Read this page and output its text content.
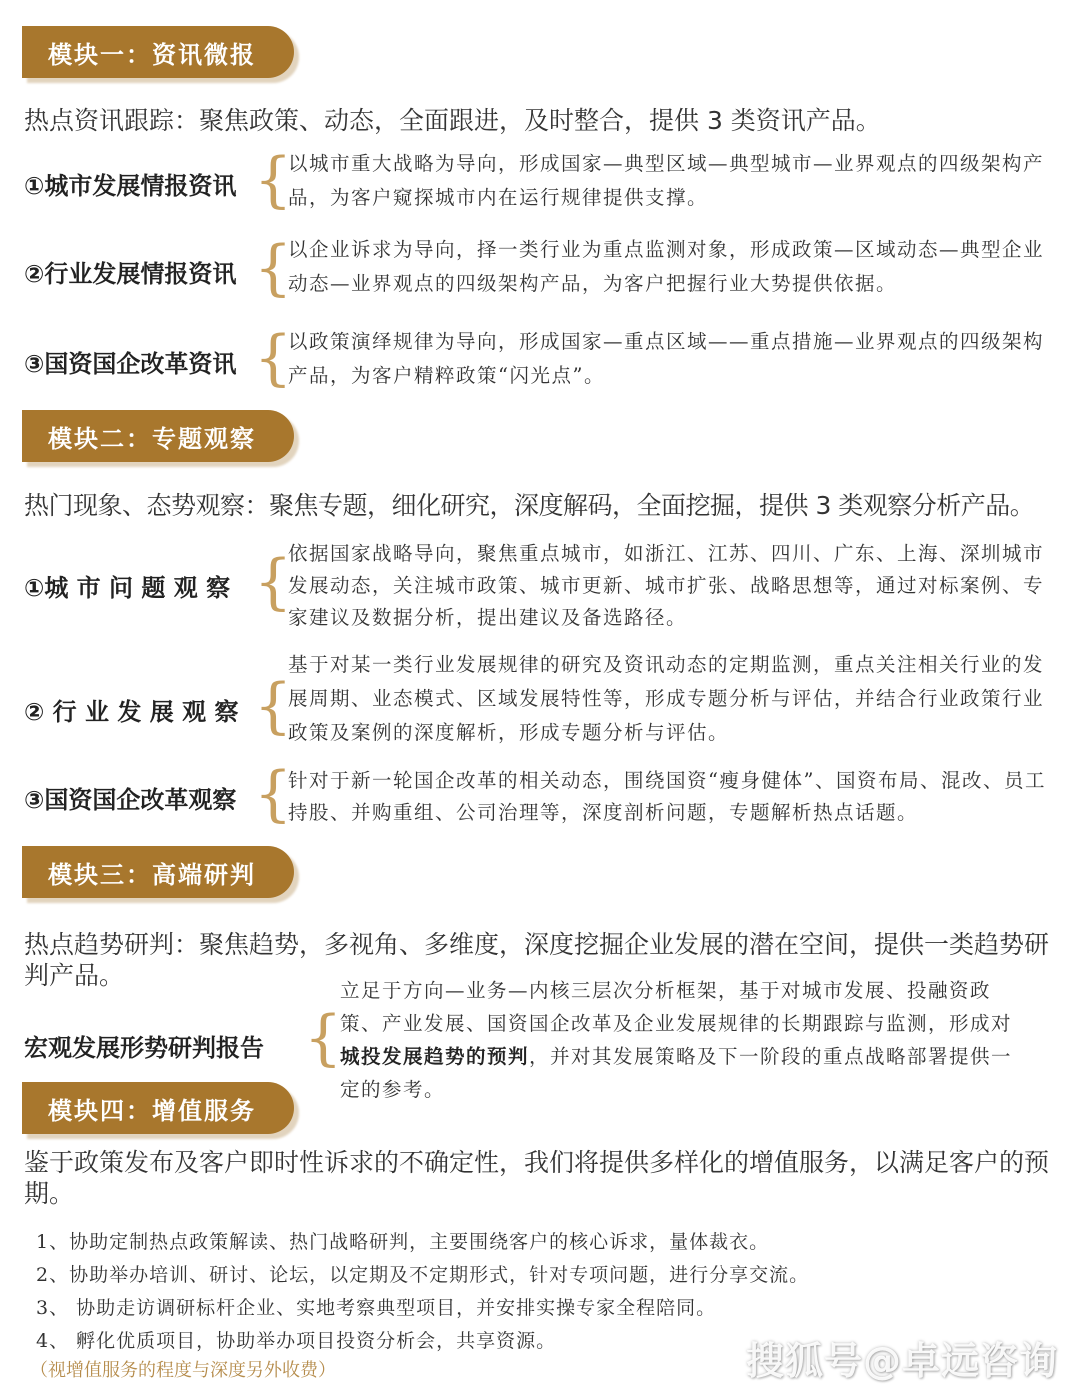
模块一：资讯微报
热点资讯跟踪：聚焦政策、动态，全面跟进，及时整合，提供 3 类资讯产品。
①城市发展情报资讯 {
以城市重大战略为导向，形成国家—典型区域—典型城市—业界观点的四级架构产品，为客户窥探城市内在运行规律提供支撑。
②行业发展情报资讯 {
以企业诉求为导向，择一类行业为重点监测对象，形成政策—区域动态—典型企业动态—业界观点的四级架构产品，为客户把握行业大势提供依据。
③国资国企改革资讯 {
以政策演绎规律为导向，形成国家—重点区域——重点措施—业界观点的四级架构产品，为客户精粹政策“闪光点”。
模块二：专题观察
热门现象、态势观察：聚焦专题，细化研究，深度解码，全面挖掘，提供 3 类观察分析产品。
①城 市 问 题 观 察 {
依据国家战略导向，聚焦重点城市，如浙江、江苏、四川、广东、上海、深圳城市发展动态，关注城市政策、城市更新、城市扩张、战略思想等，通过对标案例、专家建议及数据分析，提出建议及备选路径。
② 行 业 发 展 观 察 {
基于对某一类行业发展规律的研究及资讯动态的定期监测，重点关注相关行业的发展周期、业态模式、区域发展特性等，形成专题分析与评估，并结合行业政策行业政策及案例的深度解析，形成专题分析与评估。
③国资国企改革观察 {
针对于新一轮国企改革的相关动态，围绕国资“瘦身健体”、国资布局、混改、员工持股、并购重组、公司治理等，深度剖析问题，专题解析热点话题。
模块三：高端研判
热点趋势研判：聚焦趋势，多视角、多维度，深度挖掘企业发展的潜在空间，提供一类趋势研判产品。
宏观发展形势研判报告 {
立足于方向—业务—内核三层次分析框架，基于对城市发展、投融资政策、产业发展、国资国企改革及企业发展规律的长期跟踪与监测，形成对城投发展趋势的预判，并对其发展策略及下一阶段的重点战略部署提供一定的参考。
模块四：增值服务
鉴于政策发布及客户即时性诉求的不确定性，我们将提供多样化的增值服务，以满足客户的预期。
1、协助定制热点政策解读、热门战略研判，主要围绕客户的核心诉求，量体裁衣。
2、协助举办培训、研讨、论坛，以定期及不定期形式，针对专项问题，进行分享交流。
3、 协助走访调研标杆企业、实地考察典型项目，并安排实操专家全程陪同。
4、 孵化优质项目，协助举办项目投资分析会，共享资源。
（视增值服务的程度与深度另外收费）	搜狐号@卓远咨询
